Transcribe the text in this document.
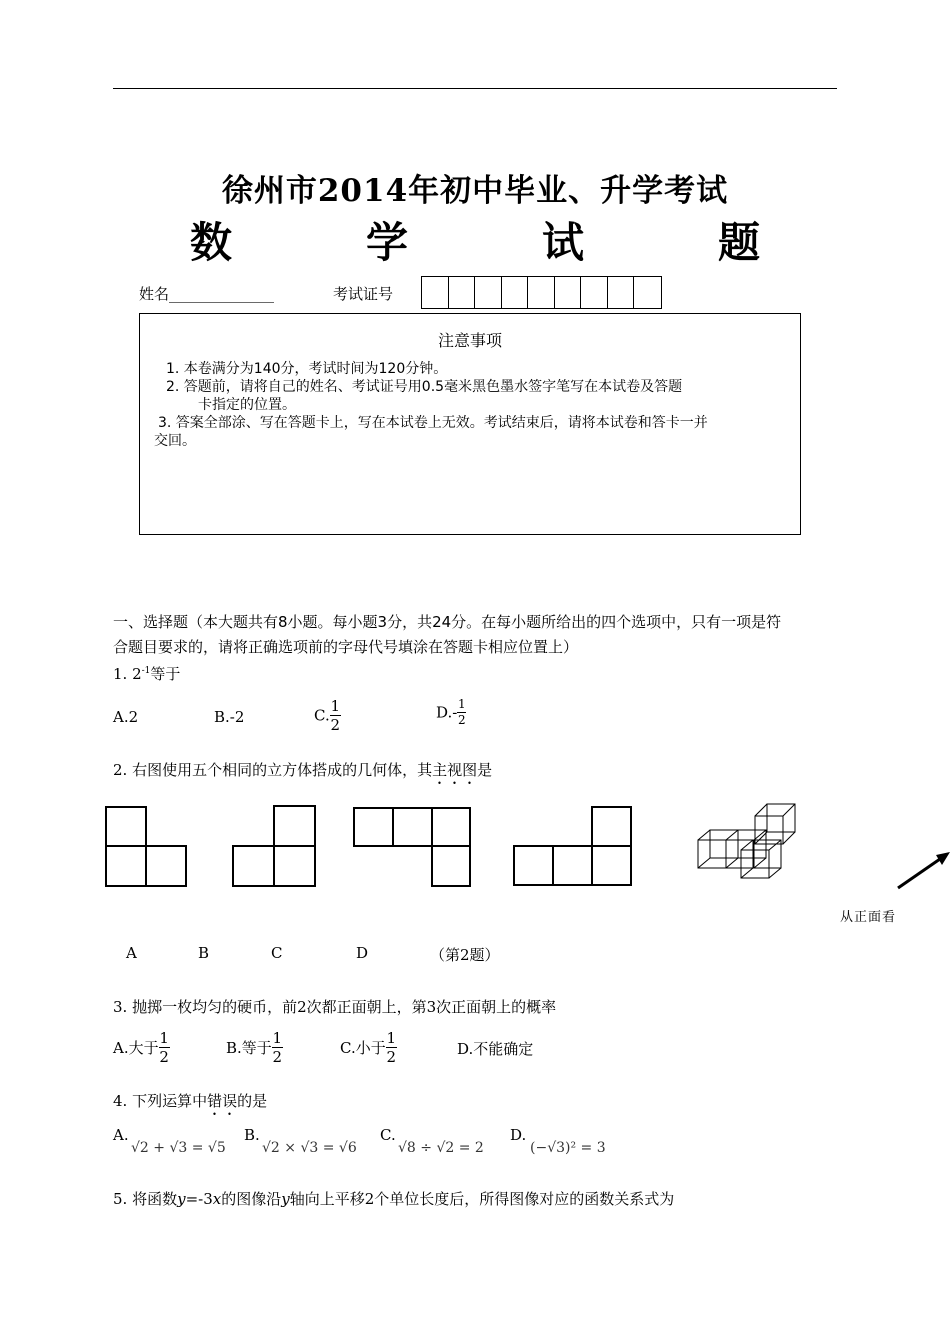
徐州市2014年初中毕业、升学考试
数　学　试　题
姓名______________	考试证号
注意事项
1. 本卷满分为140分，考试时间为120分钟。
2. 答题前，请将自己的姓名、考试证号用0.5毫米黑色墨水签字笔写在本试卷及答题
卡指定的位置。
3. 答案全部涂、写在答题卡上，写在本试卷上无效。考试结束后，请将本试卷和答卡一并
交回。
一、选择题（本大题共有8小题。每小题3分，共24分。在每小题所给出的四个选项中，只有一项是符
合题目要求的，请将正确选项前的字母代号填涂在答题卡相应位置上）
1. $2^{-1}$等于
A.2	B.-2	C. $\frac{1}{2}$	$D.- \frac{1}{2}$
2. 右图使用五个相同的立方体搭成的几何体，其主视图是
从正面看
A	B	C	D	（第2题）
3. 抛掷一枚均匀的硬币，前2次都正面朝上，第3次正面朝上的概率
A.大于 $\frac{1}{2}$	B.等于 $\frac{1}{2}$	C.小于 $\frac{1}{2}$	D.不能确定
4. 下列运算中错误的是
A.
√2 + √3 = √5
B.
√2 × √3 = √6
C.
√8 ÷ √2 = 2
D.
(−√3)² = 3
5. 将函数y=-3x的图像沿y轴向上平移2个单位长度后，所得图像对应的函数关系式为
